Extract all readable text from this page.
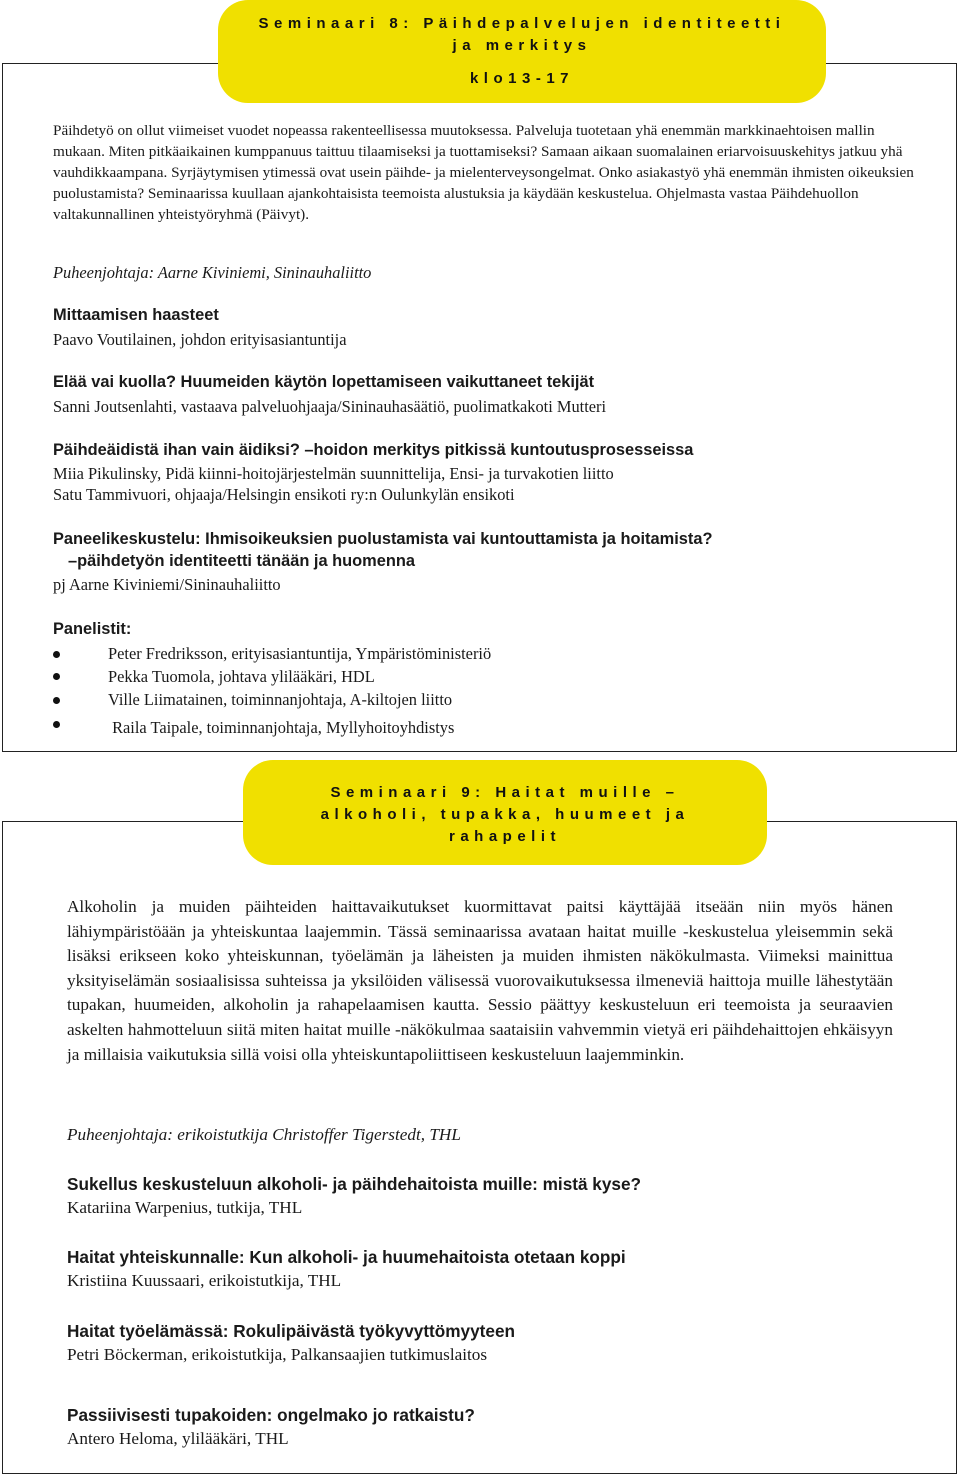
Seminaari 8: Päihdepalvelujen identiteetti
ja merkitys
klo13-17
Päihdetyö on ollut viimeiset vuodet nopeassa rakenteellisessa muutoksessa. Palveluja tuotetaan yhä enemmän markkinaehtoisen mallin mukaan. Miten pitkäaikainen kumppanuus taittuu tilaamiseksi ja tuottamiseksi? Samaan aikaan suomalainen eriarvoisuuskehitys jatkuu yhä vauhdikkaampana. Syrjäytymisen ytimessä ovat usein päihde- ja mielenterveysongelmat. Onko asiakastyö yhä enemmän ihmisten oikeuksien puolustamista? Seminaarissa kuullaan ajankohtaisista teemoista alustuksia ja käydään keskustelua. Ohjelmasta vastaa Päihdehuollon valtakunnallinen yhteistyöryhmä (Päivyt).
Puheenjohtaja: Aarne Kiviniemi, Sininauhaliitto
Mittaamisen haasteet
Paavo Voutilainen, johdon erityisasiantuntija
Elää vai kuolla? Huumeiden käytön lopettamiseen vaikuttaneet tekijät
Sanni Joutsenlahti, vastaava palveluohjaaja/Sininauhasäätiö, puolimatkakoti Mutteri
Päihdeäidistä ihan vain äidiksi? –hoidon merkitys pitkissä kuntoutusprosesseissa
Miia Pikulinsky, Pidä kiinni-hoitojärjestelmän suunnittelija, Ensi- ja turvakotien liitto
Satu Tammivuori, ohjaaja/Helsingin ensikoti ry:n Oulunkylän ensikoti
Paneelikeskustelu: Ihmisoikeuksien puolustamista vai kuntouttamista ja hoitamista?
–päihdetyön identiteetti tänään ja huomenna
pj Aarne Kiviniemi/Sininauhaliitto
Panelistit:
Peter Fredriksson, erityisasiantuntija, Ympäristöministeriö
Pekka Tuomola, johtava ylilääkäri, HDL
Ville Liimatainen, toiminnanjohtaja, A-kiltojen liitto
Raila Taipale, toiminnanjohtaja, Myllyhoitoyhdistys
Seminaari 9: Haitat muille –
alkoholi, tupakka, huumeet ja
rahapelit
Alkoholin ja muiden päihteiden haittavaikutukset kuormittavat paitsi käyttäjää itseään niin myös hänen lähiympäristöään ja yhteiskuntaa laajemmin. Tässä seminaarissa avataan haitat muille -keskustelua yleisemmin sekä lisäksi erikseen koko yhteiskunnan, työelämän ja läheisten ja muiden ihmisten näkökulmasta. Viimeksi mainittua yksityiselämän sosiaalisissa suhteissa ja yksilöiden välisessä vuorovaikutuksessa ilmeneviä haittoja muille lähestytään tupakan, huumeiden, alkoholin ja rahapelaamisen kautta. Sessio päättyy keskusteluun eri teemoista ja seuraavien askelten hahmotteluun siitä miten haitat muille -näkökulmaa saataisiin vahvemmin vietyä eri päihdehaittojen ehkäisyyn ja millaisia vaikutuksia sillä voisi olla yhteiskuntapoliittiseen keskusteluun laajemminkin.
Puheenjohtaja: erikoistutkija Christoffer Tigerstedt, THL
Sukellus keskusteluun alkoholi- ja päihdehaitoista muille: mistä kyse?
Katariina Warpenius, tutkija, THL
Haitat yhteiskunnalle: Kun alkoholi- ja huumehaitoista otetaan koppi
Kristiina Kuussaari, erikoistutkija, THL
Haitat työelämässä: Rokulipäivästä työkyvyttömyyteen
Petri Böckerman, erikoistutkija, Palkansaajien tutkimuslaitos
Passiivisesti tupakoiden: ongelmako jo ratkaistu?
Antero Heloma, ylilääkäri, THL
